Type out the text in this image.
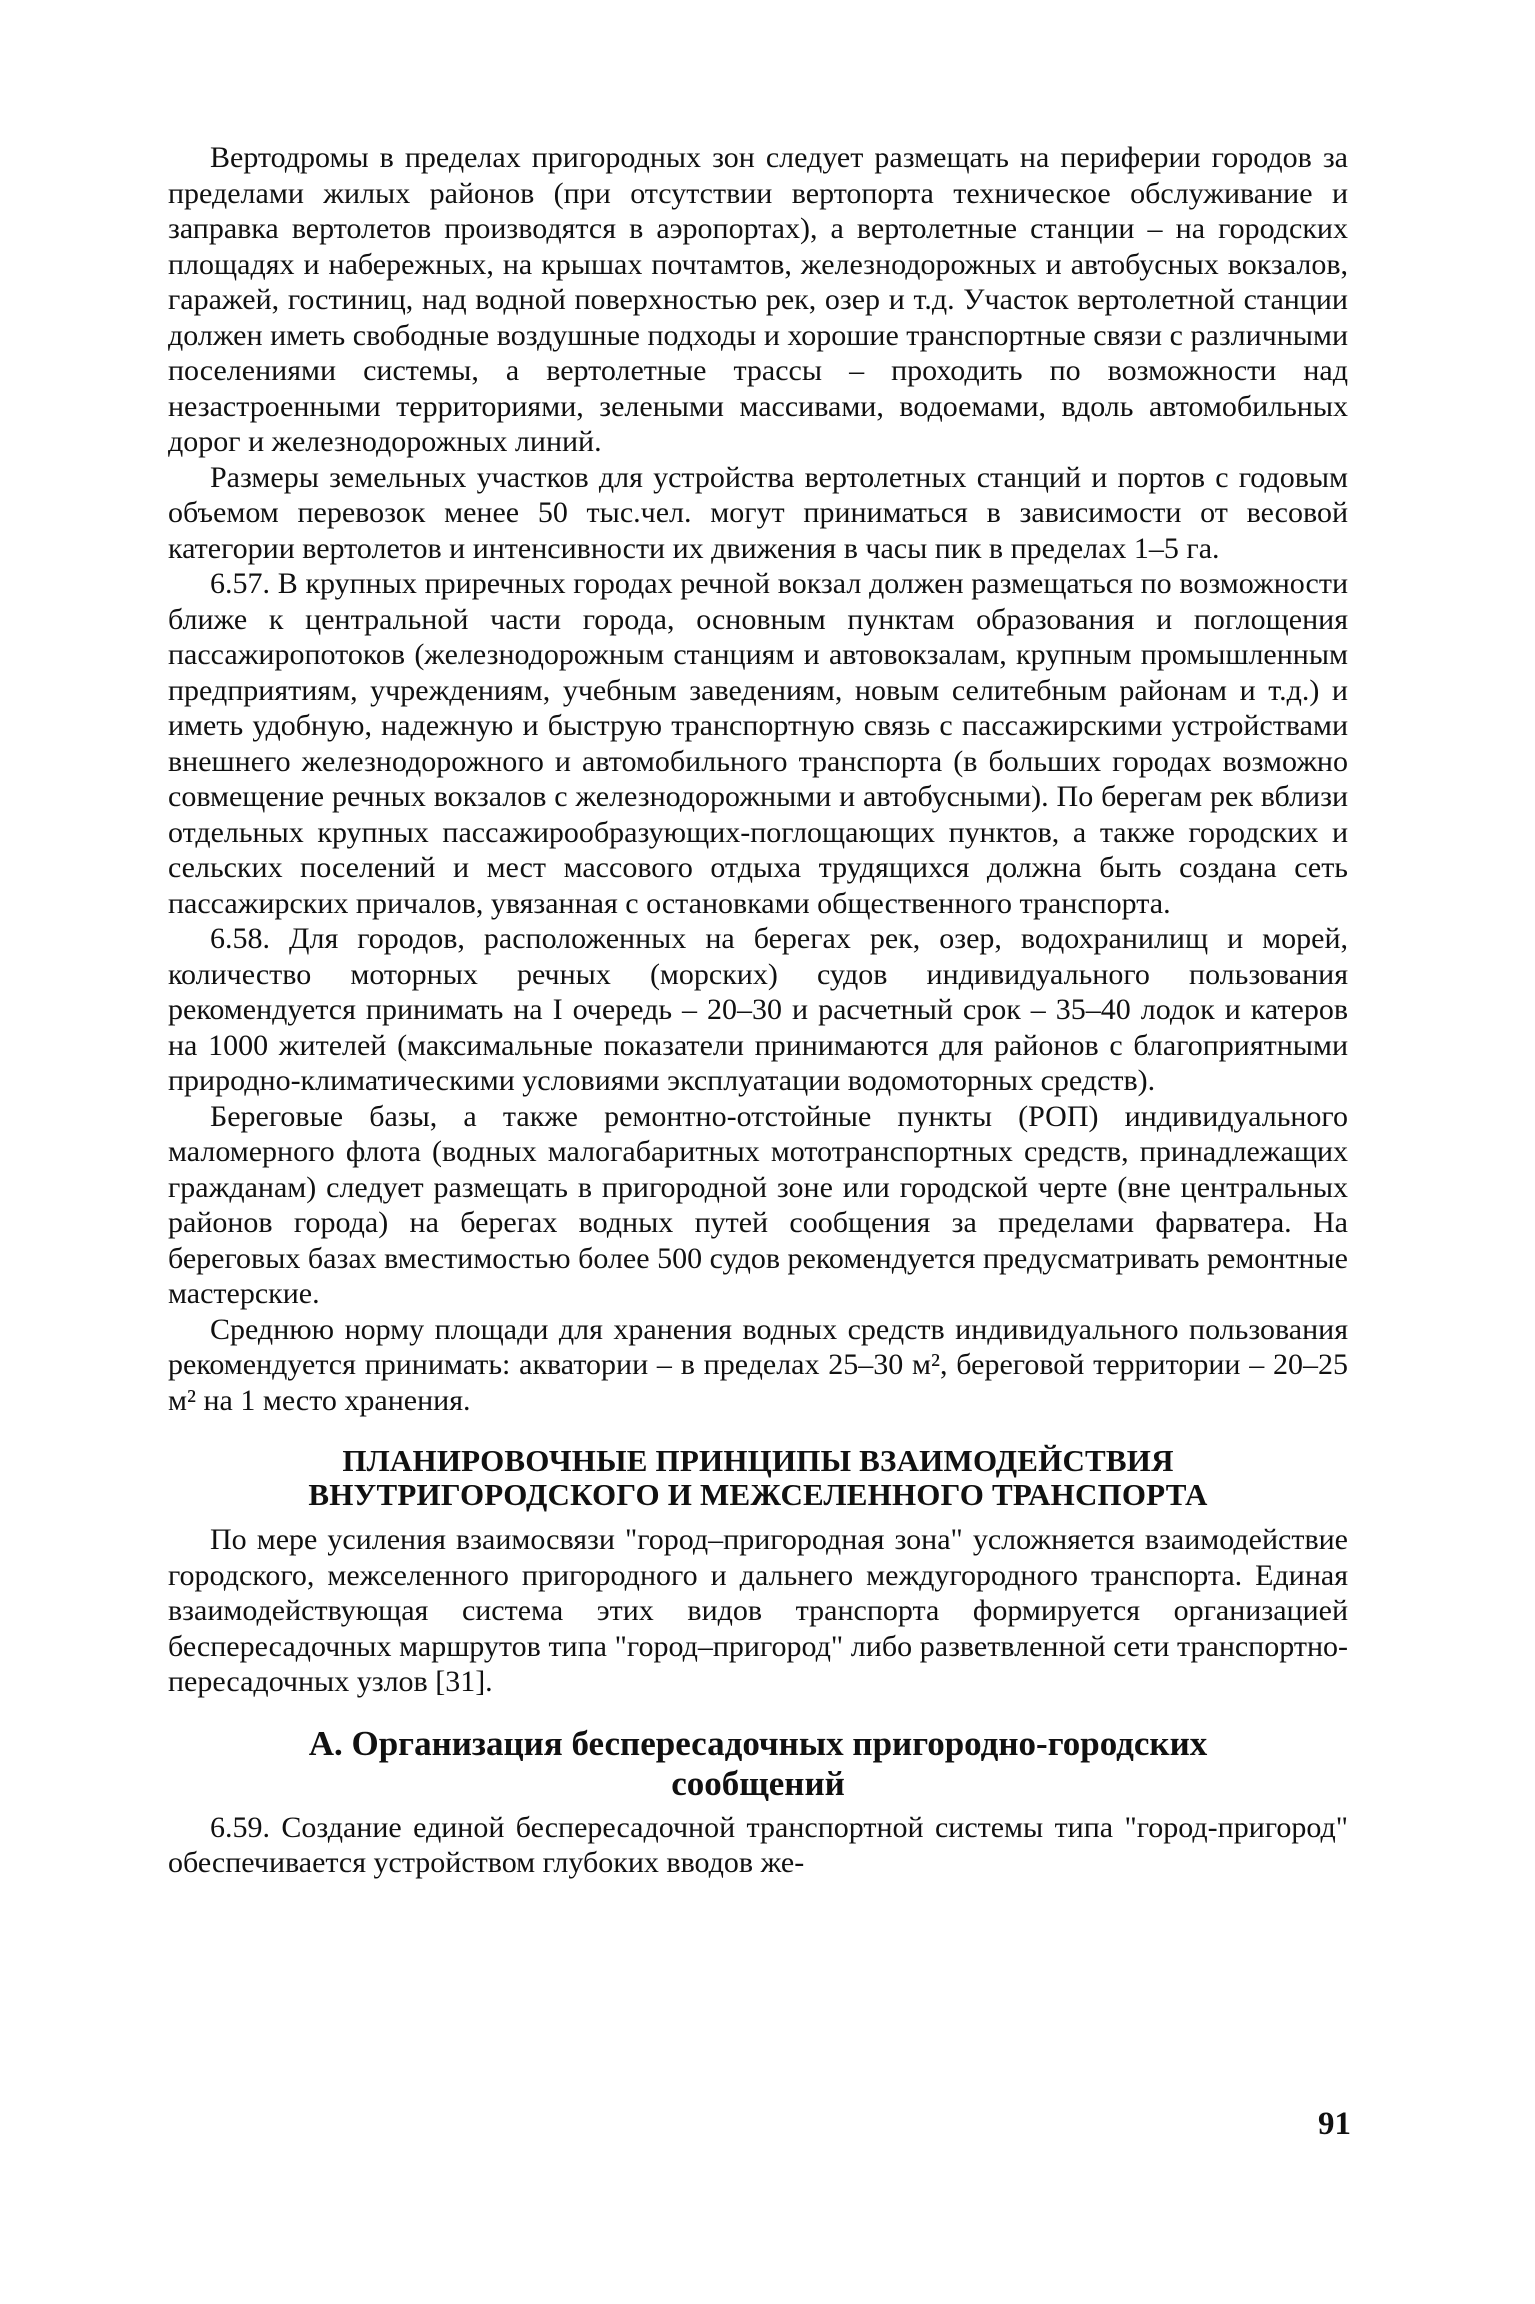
Вертодромы в пределах пригородных зон следует размещать на периферии городов за пределами жилых районов (при отсутствии вертопорта техническое обслуживание и заправка вертолетов производятся в аэропортах), а вертолетные станции – на городских площадях и набережных, на крышах почтамтов, железнодорожных и автобусных вокзалов, гаражей, гостиниц, над водной поверхностью рек, озер и т.д. Участок вертолетной станции должен иметь свободные воздушные подходы и хорошие транспортные связи с различными поселениями системы, а вертолетные трассы – проходить по возможности над незастроенными территориями, зелеными массивами, водоемами, вдоль автомобильных дорог и железнодорожных линий.

Размеры земельных участков для устройства вертолетных станций и портов с годовым объемом перевозок менее 50 тыс.чел. могут приниматься в зависимости от весовой категории вертолетов и интенсивности их движения в часы пик в пределах 1–5 га.

6.57. В крупных приречных городах речной вокзал должен размещаться по возможности ближе к центральной части города, основным пунктам образования и поглощения пассажиропотоков (железнодорожным станциям и автовокзалам, крупным промышленным предприятиям, учреждениям, учебным заведениям, новым селитебным районам и т.д.) и иметь удобную, надежную и быструю транспортную связь с пассажирскими устройствами внешнего железнодорожного и автомобильного транспорта (в больших городах возможно совмещение речных вокзалов с железнодорожными и автобусными). По берегам рек вблизи отдельных крупных пассажирообразующих-поглощающих пунктов, а также городских и сельских поселений и мест массового отдыха трудящихся должна быть создана сеть пассажирских причалов, увязанная с остановками общественного транспорта.

6.58. Для городов, расположенных на берегах рек, озер, водохранилищ и морей, количество моторных речных (морских) судов индивидуального пользования рекомендуется принимать на I очередь – 20–30 и расчетный срок – 35–40 лодок и катеров на 1000 жителей (максимальные показатели принимаются для районов с благоприятными природно-климатическими условиями эксплуатации водомоторных средств).

Береговые базы, а также ремонтно-отстойные пункты (РОП) индивидуального маломерного флота (водных малогабаритных мототранспортных средств, принадлежащих гражданам) следует размещать в пригородной зоне или городской черте (вне центральных районов города) на берегах водных путей сообщения за пределами фарватера. На береговых базах вместимостью более 500 судов рекомендуется предусматривать ремонтные мастерские.

Среднюю норму площади для хранения водных средств индивидуального пользования рекомендуется принимать: акватории – в пределах 25–30 м², береговой территории – 20–25 м² на 1 место хранения.

ПЛАНИРОВОЧНЫЕ ПРИНЦИПЫ ВЗАИМОДЕЙСТВИЯ
ВНУТРИГОРОДСКОГО И МЕЖСЕЛЕННОГО ТРАНСПОРТА

По мере усиления взаимосвязи "город–пригородная зона" усложняется взаимодействие городского, межселенного пригородного и дальнего междугородного транспорта. Единая взаимодействующая система этих видов транспорта формируется организацией беспересадочных маршрутов типа "город–пригород" либо разветвленной сети транспортно-пересадочных узлов [31].

А. Организация беспересадочных пригородно-городских
сообщений

6.59. Создание единой беспересадочной транспортной системы типа "город-пригород" обеспечивается устройством глубоких вводов же-

91
